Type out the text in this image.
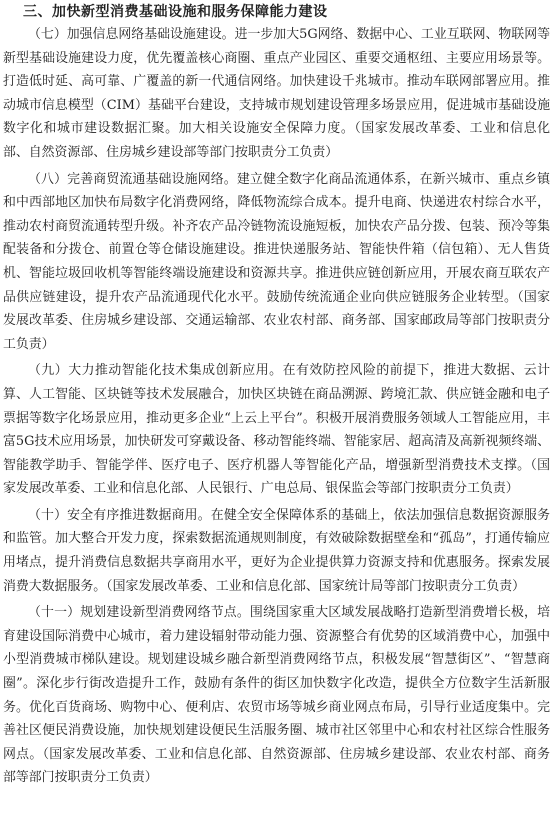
三、加快新型消费基础设施和服务保障能力建设

（七）加强信息网络基础设施建设。进一步加大5G网络、数据中心、工业互联网、物联网等新型基础设施建设力度，优先覆盖核心商圈、重点产业园区、重要交通枢纽、主要应用场景等。打造低时延、高可靠、广覆盖的新一代通信网络。加快建设千兆城市。推动车联网部署应用。推动城市信息模型（CIM）基础平台建设，支持城市规划建设管理多场景应用，促进城市基础设施数字化和城市建设数据汇聚。加大相关设施安全保障力度。（国家发展改革委、工业和信息化部、自然资源部、住房城乡建设部等部门按职责分工负责）

（八）完善商贸流通基础设施网络。建立健全数字化商品流通体系，在新兴城市、重点乡镇和中西部地区加快布局数字化消费网络，降低物流综合成本。提升电商、快递进农村综合水平，推动农村商贸流通转型升级。补齐农产品冷链物流设施短板，加快农产品分拨、包装、预冷等集配装备和分拨仓、前置仓等仓储设施建设。推进快递服务站、智能快件箱（信包箱）、无人售货机、智能垃圾回收机等智能终端设施建设和资源共享。推进供应链创新应用，开展农商互联农产品供应链建设，提升农产品流通现代化水平。鼓励传统流通企业向供应链服务企业转型。（国家发展改革委、住房城乡建设部、交通运输部、农业农村部、商务部、国家邮政局等部门按职责分工负责）

（九）大力推动智能化技术集成创新应用。在有效防控风险的前提下，推进大数据、云计算、人工智能、区块链等技术发展融合，加快区块链在商品溯源、跨境汇款、供应链金融和电子票据等数字化场景应用，推动更多企业“上云上平台”。积极开展消费服务领域人工智能应用，丰富5G技术应用场景，加快研发可穿戴设备、移动智能终端、智能家居、超高清及高新视频终端、智能教学助手、智能学伴、医疗电子、医疗机器人等智能化产品，增强新型消费技术支撑。（国家发展改革委、工业和信息化部、人民银行、广电总局、银保监会等部门按职责分工负责）

（十）安全有序推进数据商用。在健全安全保障体系的基础上，依法加强信息数据资源服务和监管。加大整合开发力度，探索数据流通规则制度，有效破除数据壁垒和“孤岛”，打通传输应用堵点，提升消费信息数据共享商用水平，更好为企业提供算力资源支持和优惠服务。探索发展消费大数据服务。（国家发展改革委、工业和信息化部、国家统计局等部门按职责分工负责）

（十一）规划建设新型消费网络节点。围绕国家重大区域发展战略打造新型消费增长极，培育建设国际消费中心城市，着力建设辐射带动能力强、资源整合有优势的区域消费中心，加强中小型消费城市梯队建设。规划建设城乡融合新型消费网络节点，积极发展“智慧街区”、“智慧商圈”。深化步行街改造提升工作，鼓励有条件的街区加快数字化改造，提供全方位数字生活新服务。优化百货商场、购物中心、便利店、农贸市场等城乡商业网点布局，引导行业适度集中。完善社区便民消费设施，加快规划建设便民生活服务圈、城市社区邻里中心和农村社区综合性服务网点。（国家发展改革委、工业和信息化部、自然资源部、住房城乡建设部、农业农村部、商务部等部门按职责分工负责）
